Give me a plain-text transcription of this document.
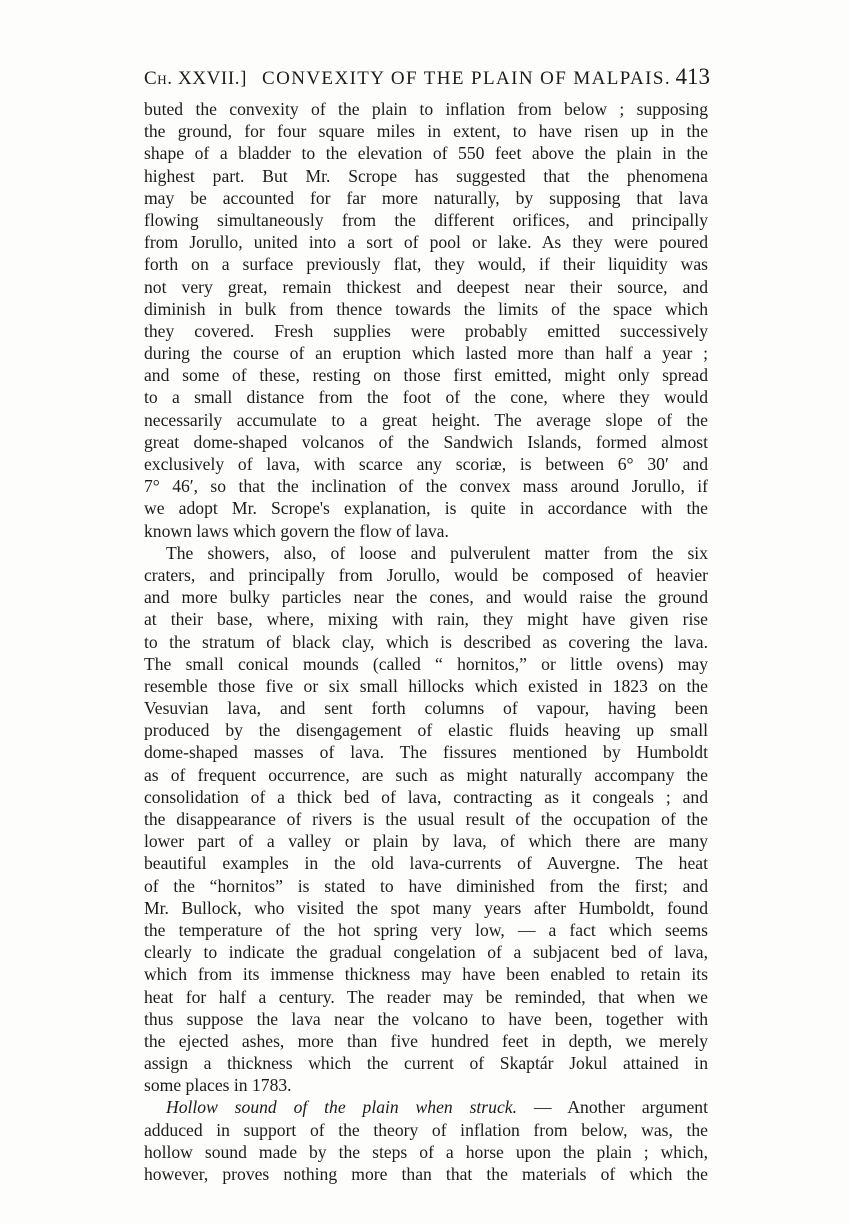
Ch. XXVII.] CONVEXITY OF THE PLAIN OF MALPAIS. 413
buted the convexity of the plain to inflation from below ; supposing
the ground, for four square miles in extent, to have risen up in the
shape of a bladder to the elevation of 550 feet above the plain in the
highest part. But Mr. Scrope has suggested that the phenomena
may be accounted for far more naturally, by supposing that lava
flowing simultaneously from the different orifices, and principally
from Jorullo, united into a sort of pool or lake. As they were poured
forth on a surface previously flat, they would, if their liquidity was
not very great, remain thickest and deepest near their source, and
diminish in bulk from thence towards the limits of the space which
they covered. Fresh supplies were probably emitted successively
during the course of an eruption which lasted more than half a year ;
and some of these, resting on those first emitted, might only spread
to a small distance from the foot of the cone, where they would
necessarily accumulate to a great height. The average slope of the
great dome-shaped volcanos of the Sandwich Islands, formed almost
exclusively of lava, with scarce any scoriæ, is between 6° 30′ and
7° 46′, so that the inclination of the convex mass around Jorullo, if
we adopt Mr. Scrope's explanation, is quite in accordance with the
known laws which govern the flow of lava.
The showers, also, of loose and pulverulent matter from the six
craters, and principally from Jorullo, would be composed of heavier
and more bulky particles near the cones, and would raise the ground
at their base, where, mixing with rain, they might have given rise
to the stratum of black clay, which is described as covering the lava.
The small conical mounds (called “ hornitos,” or little ovens) may
resemble those five or six small hillocks which existed in 1823 on the
Vesuvian lava, and sent forth columns of vapour, having been
produced by the disengagement of elastic fluids heaving up small
dome-shaped masses of lava. The fissures mentioned by Humboldt
as of frequent occurrence, are such as might naturally accompany the
consolidation of a thick bed of lava, contracting as it congeals ; and
the disappearance of rivers is the usual result of the occupation of the
lower part of a valley or plain by lava, of which there are many
beautiful examples in the old lava-currents of Auvergne. The heat
of the “hornitos” is stated to have diminished from the first; and
Mr. Bullock, who visited the spot many years after Humboldt, found
the temperature of the hot spring very low, — a fact which seems
clearly to indicate the gradual congelation of a subjacent bed of lava,
which from its immense thickness may have been enabled to retain its
heat for half a century. The reader may be reminded, that when we
thus suppose the lava near the volcano to have been, together with
the ejected ashes, more than five hundred feet in depth, we merely
assign a thickness which the current of Skaptár Jokul attained in
some places in 1783.
Hollow sound of the plain when struck. — Another argument
adduced in support of the theory of inflation from below, was, the
hollow sound made by the steps of a horse upon the plain ; which,
however, proves nothing more than that the materials of which the
